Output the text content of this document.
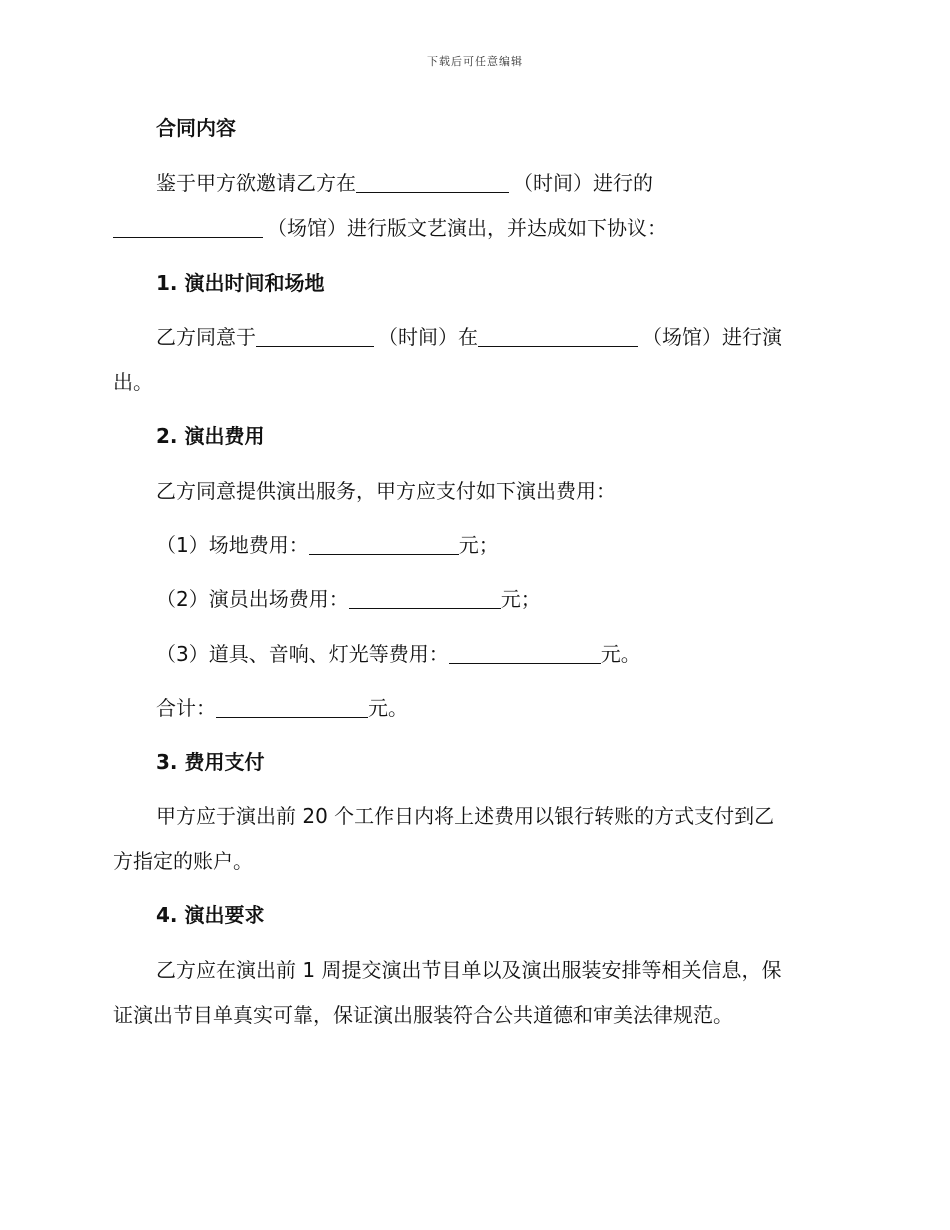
下载后可任意编辑
合同内容
鉴于甲方欲邀请乙方在	（时间）进行的
（场馆）进行版文艺演出，并达成如下协议：
1. 演出时间和场地
乙方同意于	（时间）在	（场馆）进行演
出。
2. 演出费用
乙方同意提供演出服务，甲方应支付如下演出费用：
（1）场地费用：	元；
（2）演员出场费用：	元；
（3）道具、音响、灯光等费用：	元。
合计：	元。
3. 费用支付
甲方应于演出前 20 个工作日内将上述费用以银行转账的方式支付到乙
方指定的账户。
4. 演出要求
乙方应在演出前 1 周提交演出节目单以及演出服装安排等相关信息，保
证演出节目单真实可靠，保证演出服装符合公共道德和审美法律规范。
